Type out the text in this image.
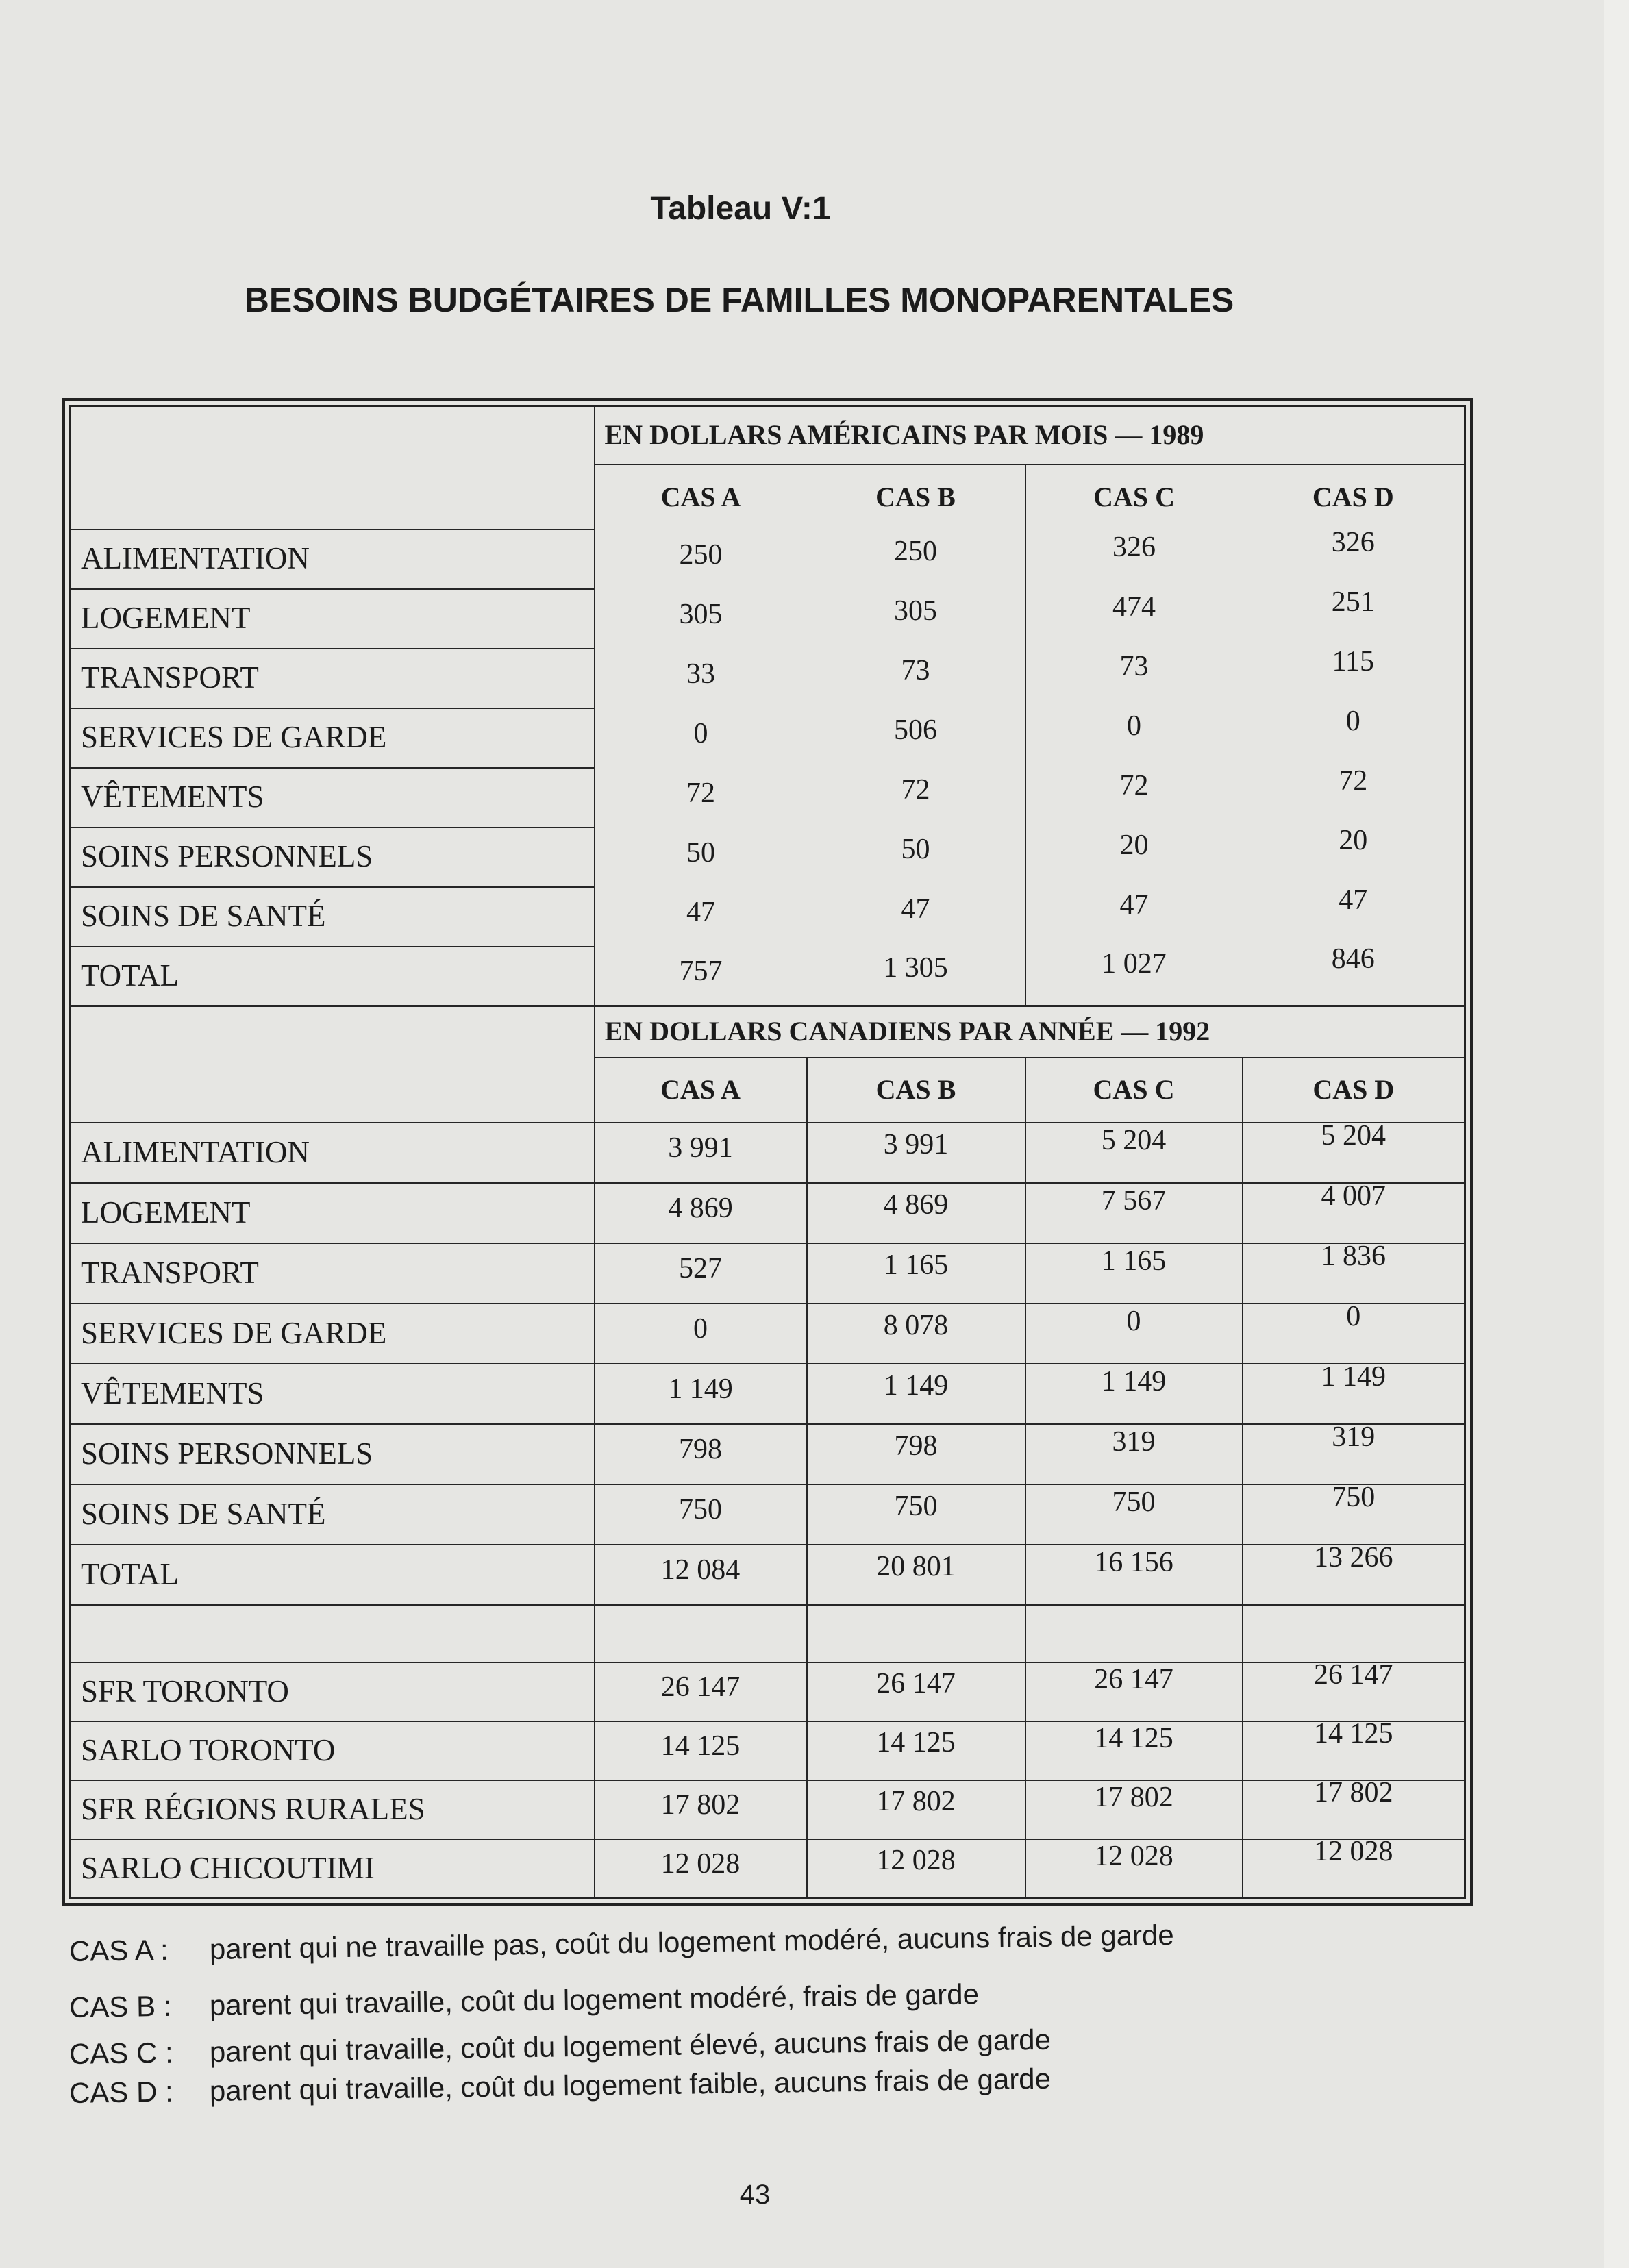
Tableau V:1
BESOINS BUDGÉTAIRES DE FAMILLES MONOPARENTALES
	EN DOLLARS AMÉRICAINS PAR MOIS — 1989			
	CAS A	CAS B	CAS C	CAS D
ALIMENTATION	250	250	326	326
LOGEMENT	305	305	474	251
TRANSPORT	33	73	73	115
SERVICES DE GARDE	0	506	0	0
VÊTEMENTS	72	72	72	72
SOINS PERSONNELS	50	50	20	20
SOINS DE SANTÉ	47	47	47	47
TOTAL	757	1 305	1 027	846
	EN DOLLARS CANADIENS PAR ANNÉE — 1992			
	CAS A	CAS B	CAS C	CAS D
ALIMENTATION	3 991	3 991	5 204	5 204
LOGEMENT	4 869	4 869	7 567	4 007
TRANSPORT	527	1 165	1 165	1 836
SERVICES DE GARDE	0	8 078	0	0
VÊTEMENTS	1 149	1 149	1 149	1 149
SOINS PERSONNELS	798	798	319	319
SOINS DE SANTÉ	750	750	750	750
TOTAL	12 084	20 801	16 156	13 266

SFR TORONTO	26 147	26 147	26 147	26 147
SARLO TORONTO	14 125	14 125	14 125	14 125
SFR RÉGIONS RURALES	17 802	17 802	17 802	17 802
SARLO CHICOUTIMI	12 028	12 028	12 028	12 028
CAS A :	parent qui ne travaille pas, coût du logement modéré, aucuns frais de garde
CAS B :	parent qui travaille, coût du logement modéré, frais de garde
CAS C :	parent qui travaille, coût du logement élevé, aucuns frais de garde
CAS D :	parent qui travaille, coût du logement faible, aucuns frais de garde
43
